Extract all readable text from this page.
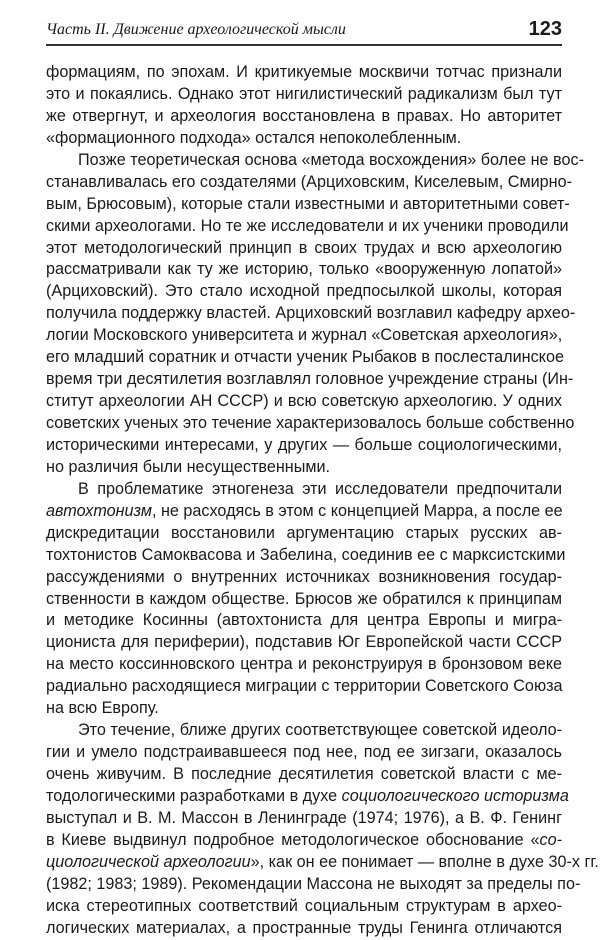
Часть II. Движение археологической мысли	123
формациям, по эпохам. И критикуемые москвичи тотчас признали
это и покаялись. Однако этот нигилистический радикализм был тут
же отвергнут, и археология восстановлена в правах. Но авторитет
«формационного подхода» остался непоколебленным.
Позже теоретическая основа «метода восхождения» более не вос-
станавливалась его создателями (Арциховским, Киселевым, Смирно-
вым, Брюсовым), которые стали известными и авторитетными совет-
скими археологами. Но те же исследователи и их ученики проводили
этот методологический принцип в своих трудах и всю археологию
рассматривали как ту же историю, только «вооруженную лопатой»
(Арциховский). Это стало исходной предпосылкой школы, которая
получила поддержку властей. Арциховский возглавил кафедру архео-
логии Московского университета и журнал «Советская археология»,
его младший соратник и отчасти ученик Рыбаков в послесталинское
время три десятилетия возглавлял головное учреждение страны (Ин-
ститут археологии АН СССР) и всю советскую археологию. У одних
советских ученых это течение характеризовалось больше собственно
историческими интересами, у других — больше социологическими,
но различия были несущественными.
В проблематике этногенеза эти исследователи предпочитали
автохтонизм, не расходясь в этом с концепцией Марра, а после ее
дискредитации восстановили аргументацию старых русских ав-
тохтонистов Самоквасова и Забелина, соединив ее с марксистскими
рассуждениями о внутренних источниках возникновения государ-
ственности в каждом обществе. Брюсов же обратился к принципам
и методике Косинны (автохтониста для центра Европы и мигра-
циониста для периферии), подставив Юг Европейской части СССР
на место коссинновского центра и реконструируя в бронзовом веке
радиально расходящиеся миграции с территории Советского Союза
на всю Европу.
Это течение, ближе других соответствующее советской идеоло-
гии и умело подстраивавшееся под нее, под ее зигзаги, оказалось
очень живучим. В последние десятилетия советской власти с ме-
тодологическими разработками в духе социологического историзма
выступал и В. М. Массон в Ленинграде (1974; 1976), а В. Ф. Генинг
в Киеве выдвинул подробное методологическое обоснование «со-
циологической археологии», как он ее понимает — вполне в духе 30-х гг.
(1982; 1983; 1989). Рекомендации Массона не выходят за пределы по-
иска стереотипных соответствий социальным структурам в архео-
логических материалах, а пространные труды Генинга отличаются
